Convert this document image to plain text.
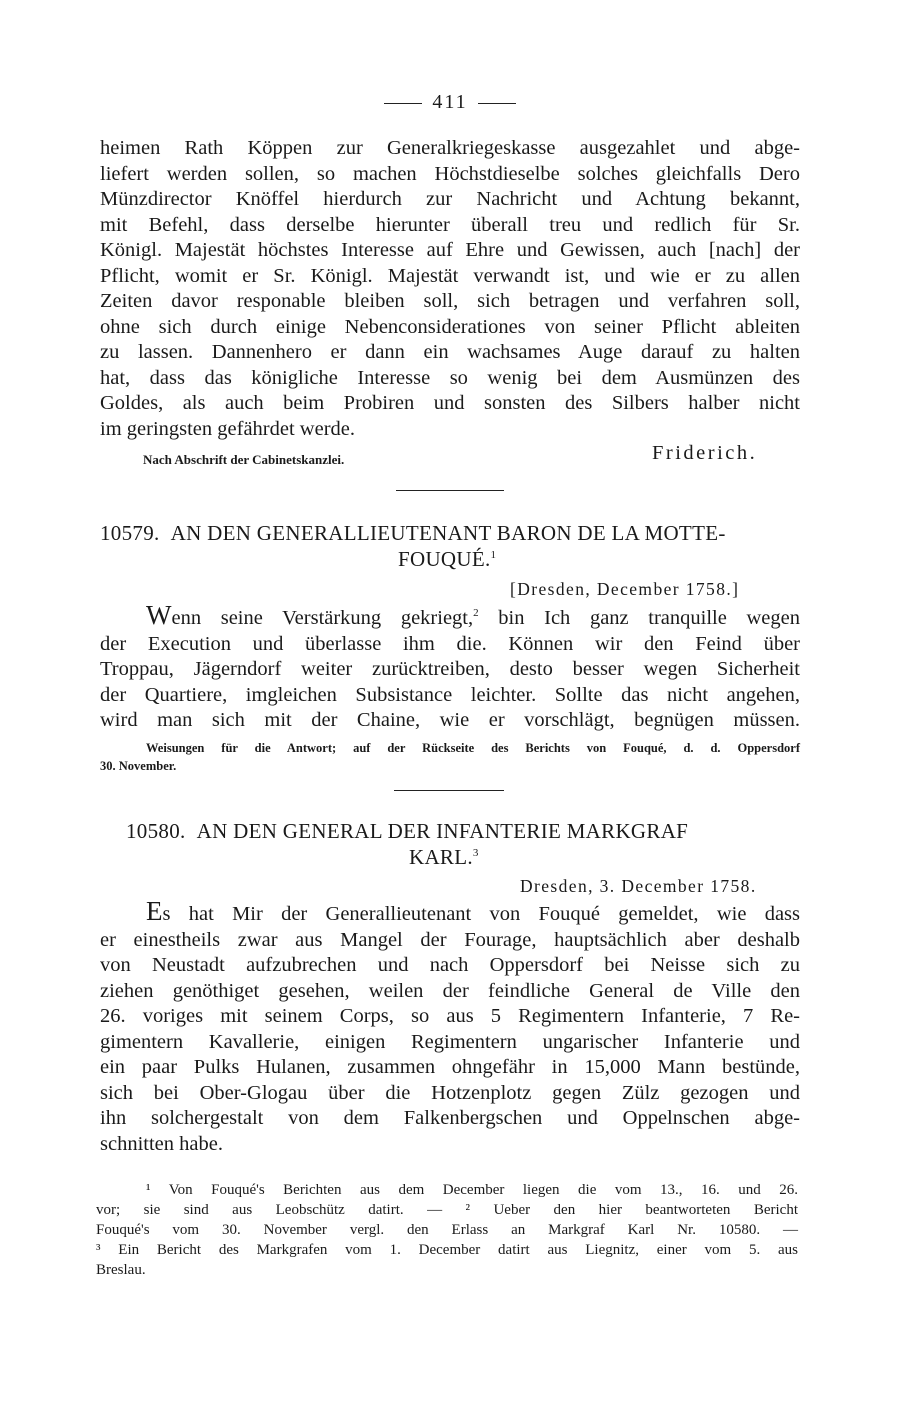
411
heimen Rath Köppen zur Generalkriegeskasse ausgezahlet und abge-
liefert werden sollen, so machen Höchstdieselbe solches gleichfalls Dero
Münzdirector Knöffel hierdurch zur Nachricht und Achtung bekannt,
mit Befehl, dass derselbe hierunter überall treu und redlich für Sr.
Königl. Majestät höchstes Interesse auf Ehre und Gewissen, auch [nach] der
Pflicht, womit er Sr. Königl. Majestät verwandt ist, und wie er zu allen
Zeiten davor responable bleiben soll, sich betragen und verfahren soll,
ohne sich durch einige Nebenconsiderationes von seiner Pflicht ableiten
zu lassen. Dannenhero er dann ein wachsames Auge darauf zu halten
hat, dass das königliche Interesse so wenig bei dem Ausmünzen des
Goldes, als auch beim Probiren und sonsten des Silbers halber nicht
im geringsten gefährdet werde.
Nach Abschrift der Cabinetskanzlei.	Friderich.
10579. AN DEN GENERALLIEUTENANT BARON DE LA MOTTE-
FOUQUÉ.$^1$
[Dresden, December 1758.]
Wenn seine Verstärkung gekriegt,$^2$ bin Ich ganz tranquille wegen
der Execution und überlasse ihm die. Können wir den Feind über
Troppau, Jägerndorf weiter zurücktreiben, desto besser wegen Sicherheit
der Quartiere, imgleichen Subsistance leichter. Sollte das nicht angehen,
wird man sich mit der Chaine, wie er vorschlägt, begnügen müssen.
Weisungen für die Antwort; auf der Rückseite des Berichts von Fouqué, d. d. Oppersdorf
30. November.
10580. AN DEN GENERAL DER INFANTERIE MARKGRAF
KARL.$^3$
Dresden, 3. December 1758.
Es hat Mir der Generallieutenant von Fouqué gemeldet, wie dass
er einestheils zwar aus Mangel der Fourage, hauptsächlich aber deshalb
von Neustadt aufzubrechen und nach Oppersdorf bei Neisse sich zu
ziehen genöthiget gesehen, weilen der feindliche General de Ville den
26. voriges mit seinem Corps, so aus 5 Regimentern Infanterie, 7 Re-
gimentern Kavallerie, einigen Regimentern ungarischer Infanterie und
ein paar Pulks Hulanen, zusammen ohngefähr in 15,000 Mann bestünde,
sich bei Ober-Glogau über die Hotzenplotz gegen Zülz gezogen und
ihn solchergestalt von dem Falkenbergschen und Oppelnschen abge-
schnitten habe.
¹ Von Fouqué's Berichten aus dem December liegen die vom 13., 16. und 26.
vor; sie sind aus Leobschütz datirt. — ² Ueber den hier beantworteten Bericht
Fouqué's vom 30. November vergl. den Erlass an Markgraf Karl Nr. 10580. —
³ Ein Bericht des Markgrafen vom 1. December datirt aus Liegnitz, einer vom 5. aus
Breslau.
